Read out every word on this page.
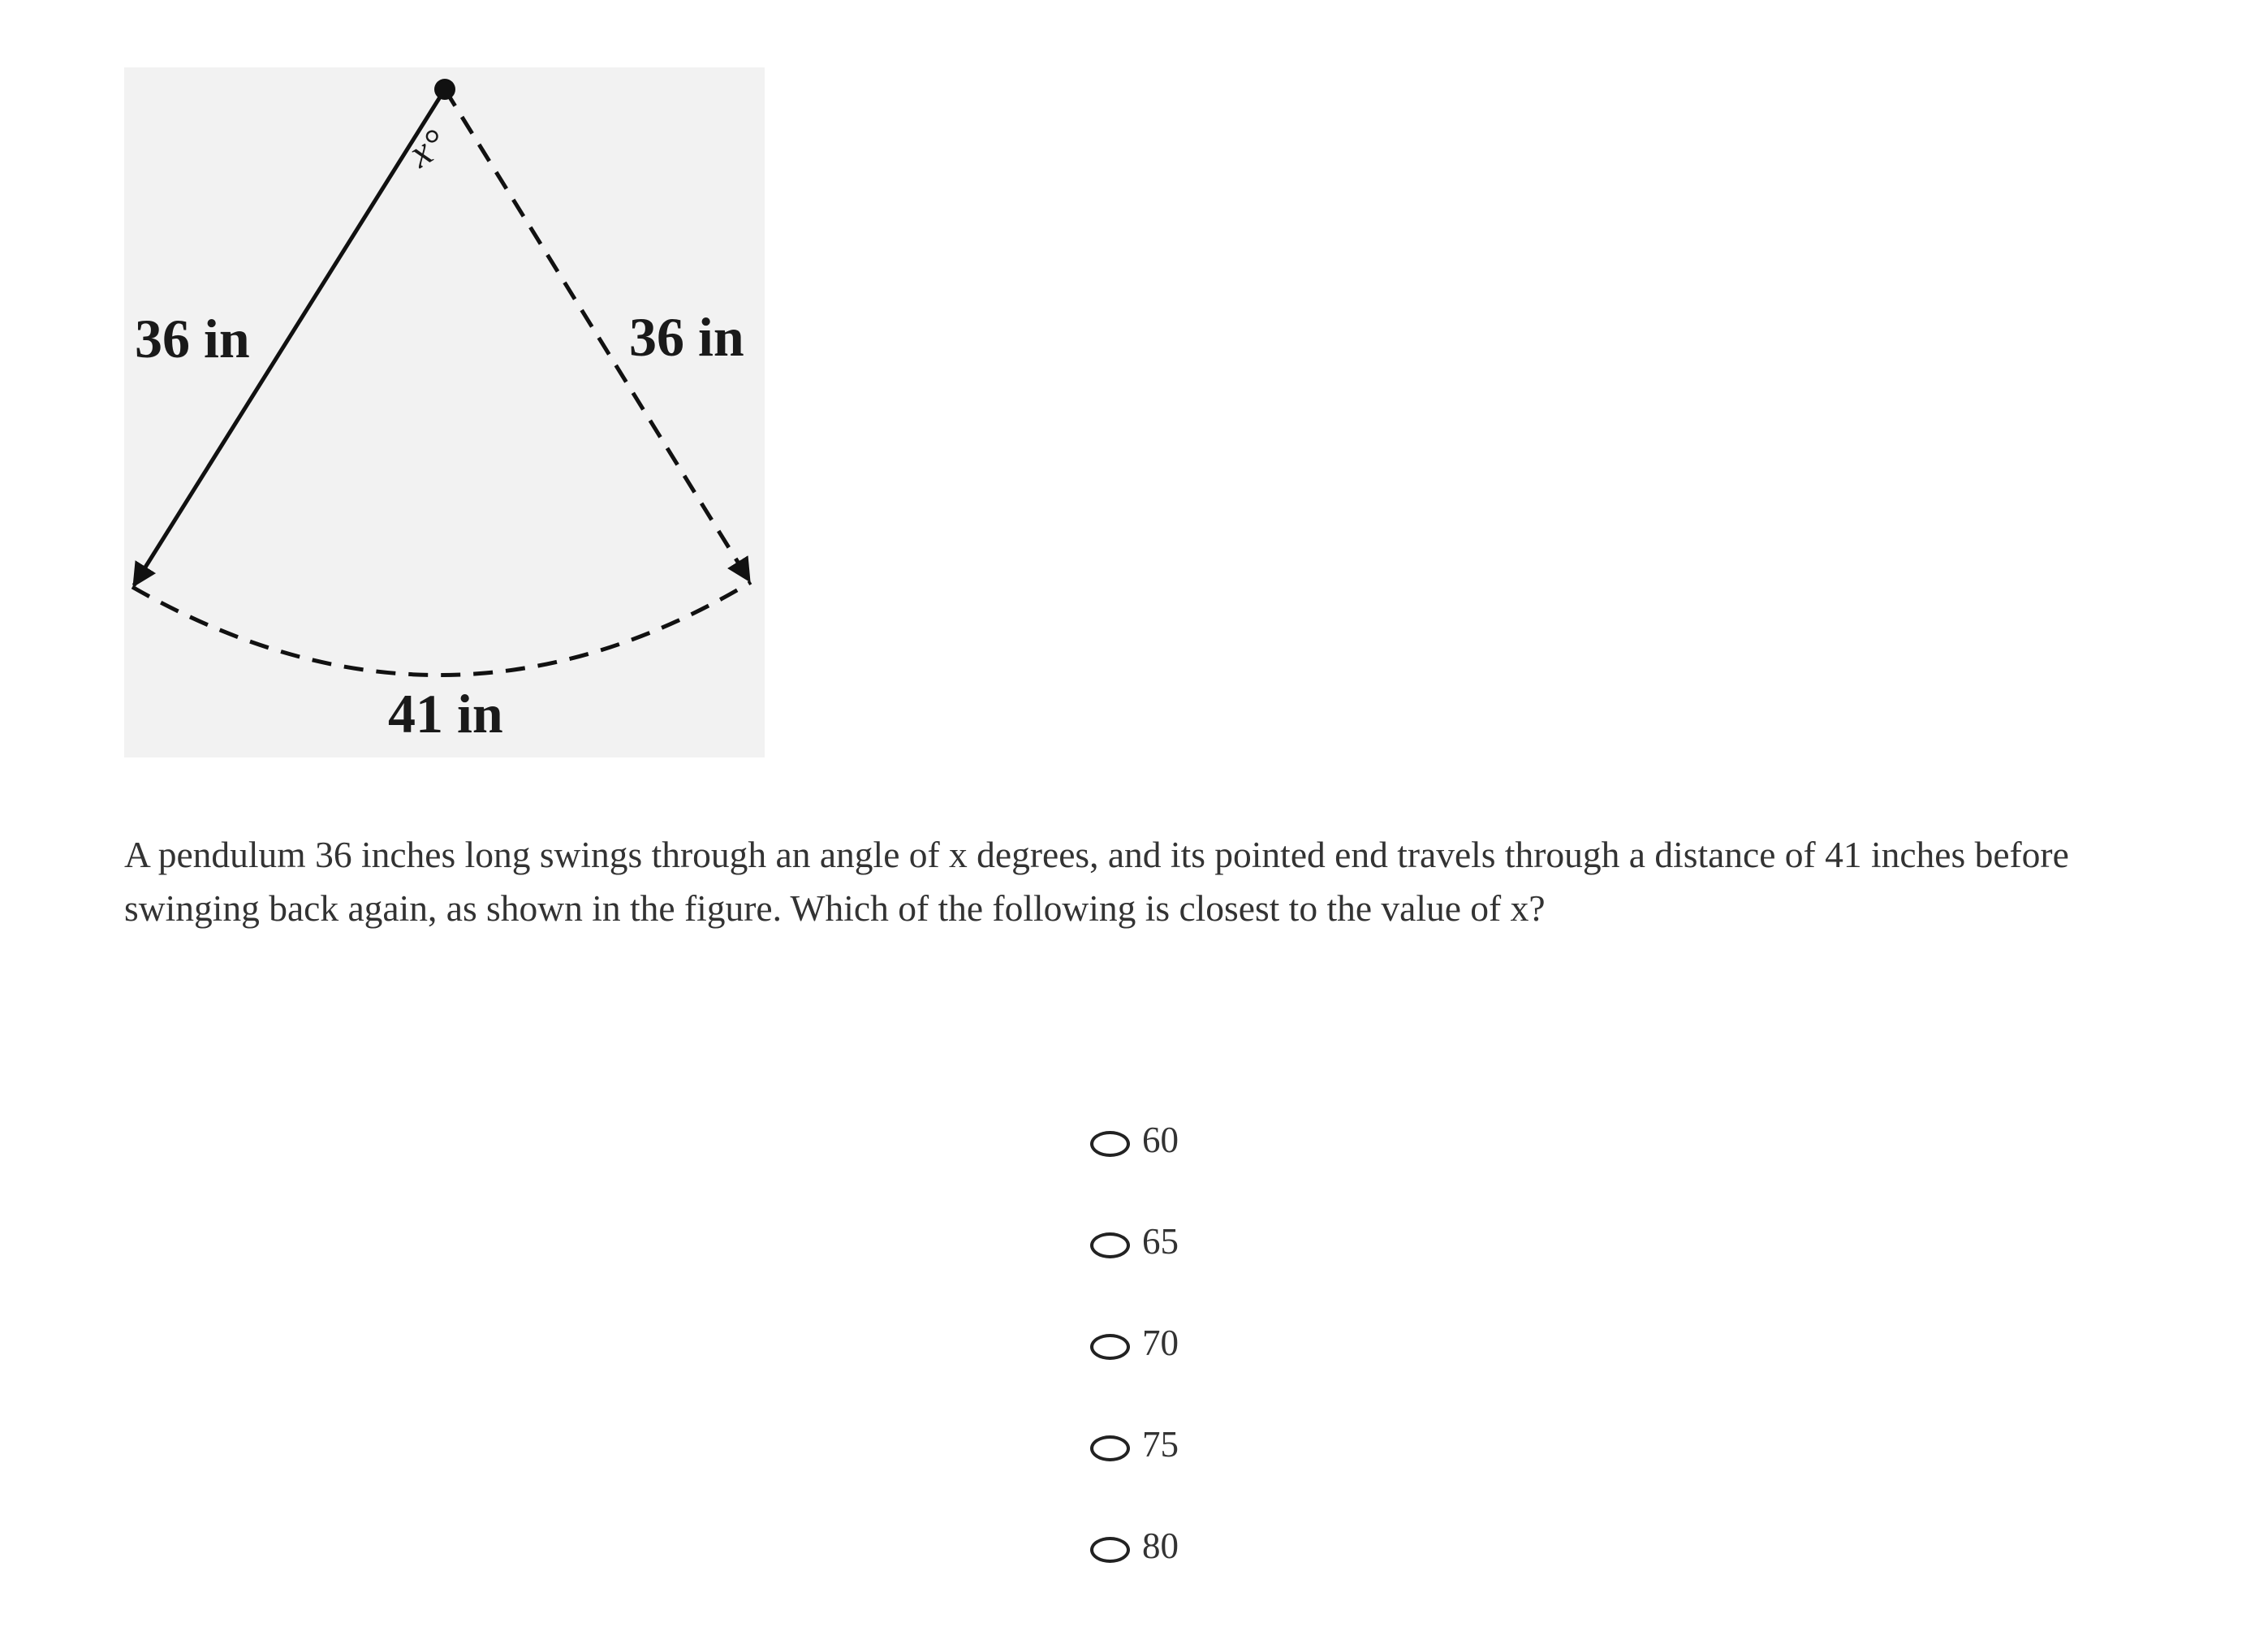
x°
36 in	36 in
41 in

A pendulum 36 inches long swings through an angle of x degrees, and its pointed end travels through a distance of 41 inches before swinging back again, as shown in the figure. Which of the following is closest to the value of x?

60
65
70
75
80
